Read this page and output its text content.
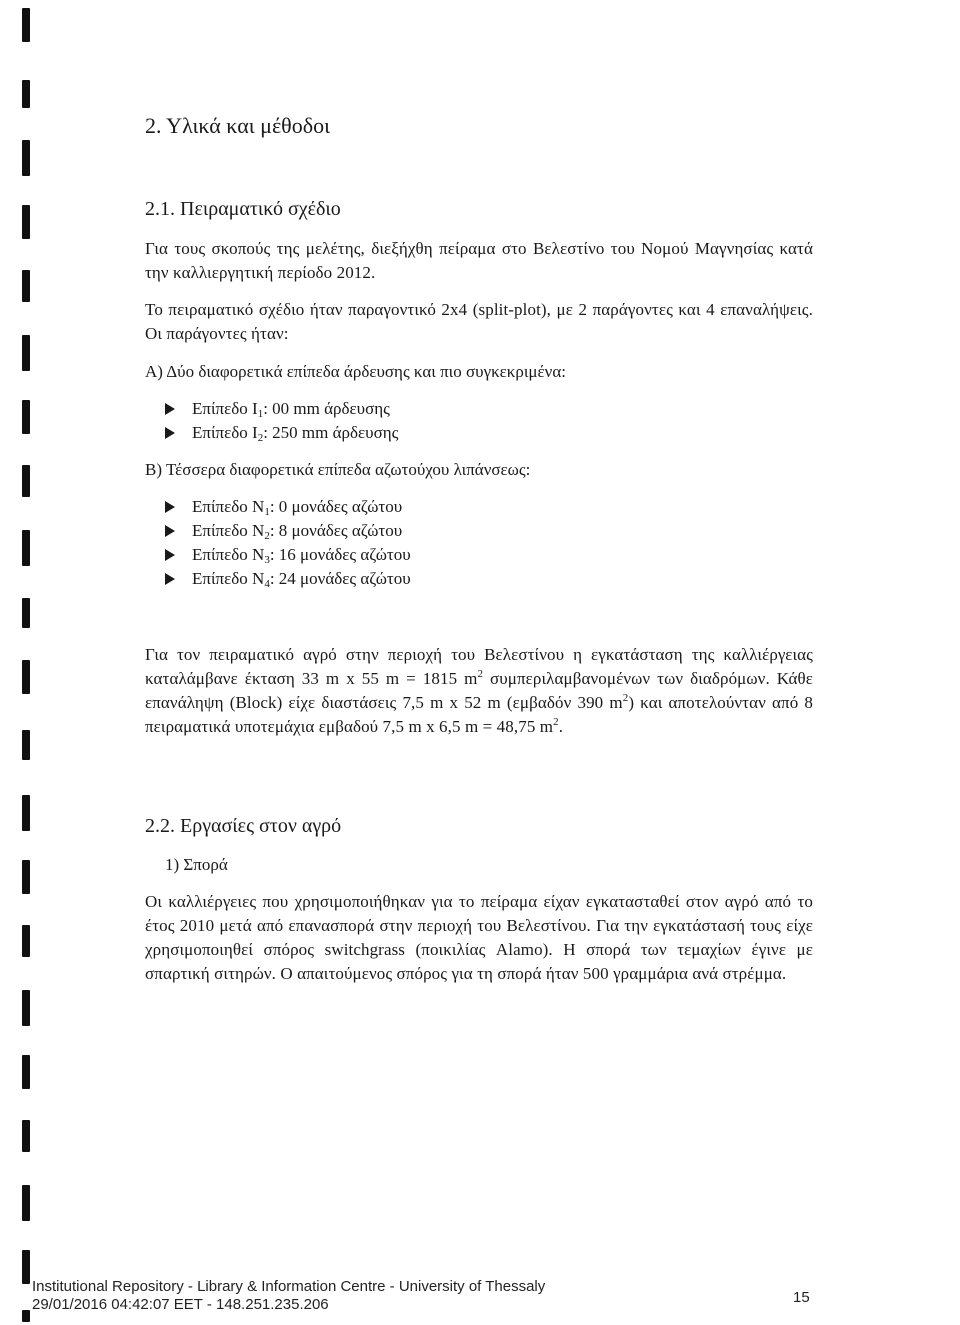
2. Υλικά και μέθοδοι
2.1. Πειραματικό σχέδιο
Για τους σκοπούς της μελέτης, διεξήχθη πείραμα στο Βελεστίνο του Νομού Μαγνησίας κατά την καλλιεργητική περίοδο 2012.
Το πειραματικό σχέδιο ήταν παραγοντικό 2x4 (split-plot), με 2 παράγοντες και 4 επαναλήψεις. Οι παράγοντες ήταν:
Α) Δύο διαφορετικά επίπεδα άρδευσης και πιο συγκεκριμένα:
Επίπεδο $I_1$: 00 mm άρδευσης
Επίπεδο $I_2$: 250 mm άρδευσης
Β) Τέσσερα διαφορετικά επίπεδα αζωτούχου λιπάνσεως:
Επίπεδο $N_1$: 0 μονάδες αζώτου
Επίπεδο $N_2$: 8 μονάδες αζώτου
Επίπεδο $N_3$: 16 μονάδες αζώτου
Επίπεδο $N_4$: 24 μονάδες αζώτου
Για τον πειραματικό αγρό στην περιοχή του Βελεστίνου η εγκατάσταση της καλλιέργειας καταλάμβανε έκταση 33 m x 55 m = 1815 $m^2$ συμπεριλαμβανομένων των διαδρόμων. Κάθε επανάληψη (Block) είχε διαστάσεις 7,5 m x 52 m (εμβαδόν 390 $m^2$) και αποτελούνταν από 8 πειραματικά υποτεμάχια εμβαδού 7,5 m x 6,5 m = 48,75 $m^2$.
2.2. Εργασίες στον αγρό
1) Σπορά
Οι καλλιέργειες που χρησιμοποιήθηκαν για το πείραμα είχαν εγκατασταθεί στον αγρό από το έτος 2010 μετά από επανασπορά στην περιοχή του Βελεστίνου. Για την εγκατάστασή τους είχε χρησιμοποιηθεί σπόρος switchgrass (ποικιλίας Alamo). Η σπορά των τεμαχίων έγινε με σπαρτική σιτηρών. Ο απαιτούμενος σπόρος για τη σπορά ήταν 500 γραμμάρια ανά στρέμμα.
Institutional Repository - Library & Information Centre - University of Thessaly
29/01/2016 04:42:07 EET - 148.251.235.206	15
